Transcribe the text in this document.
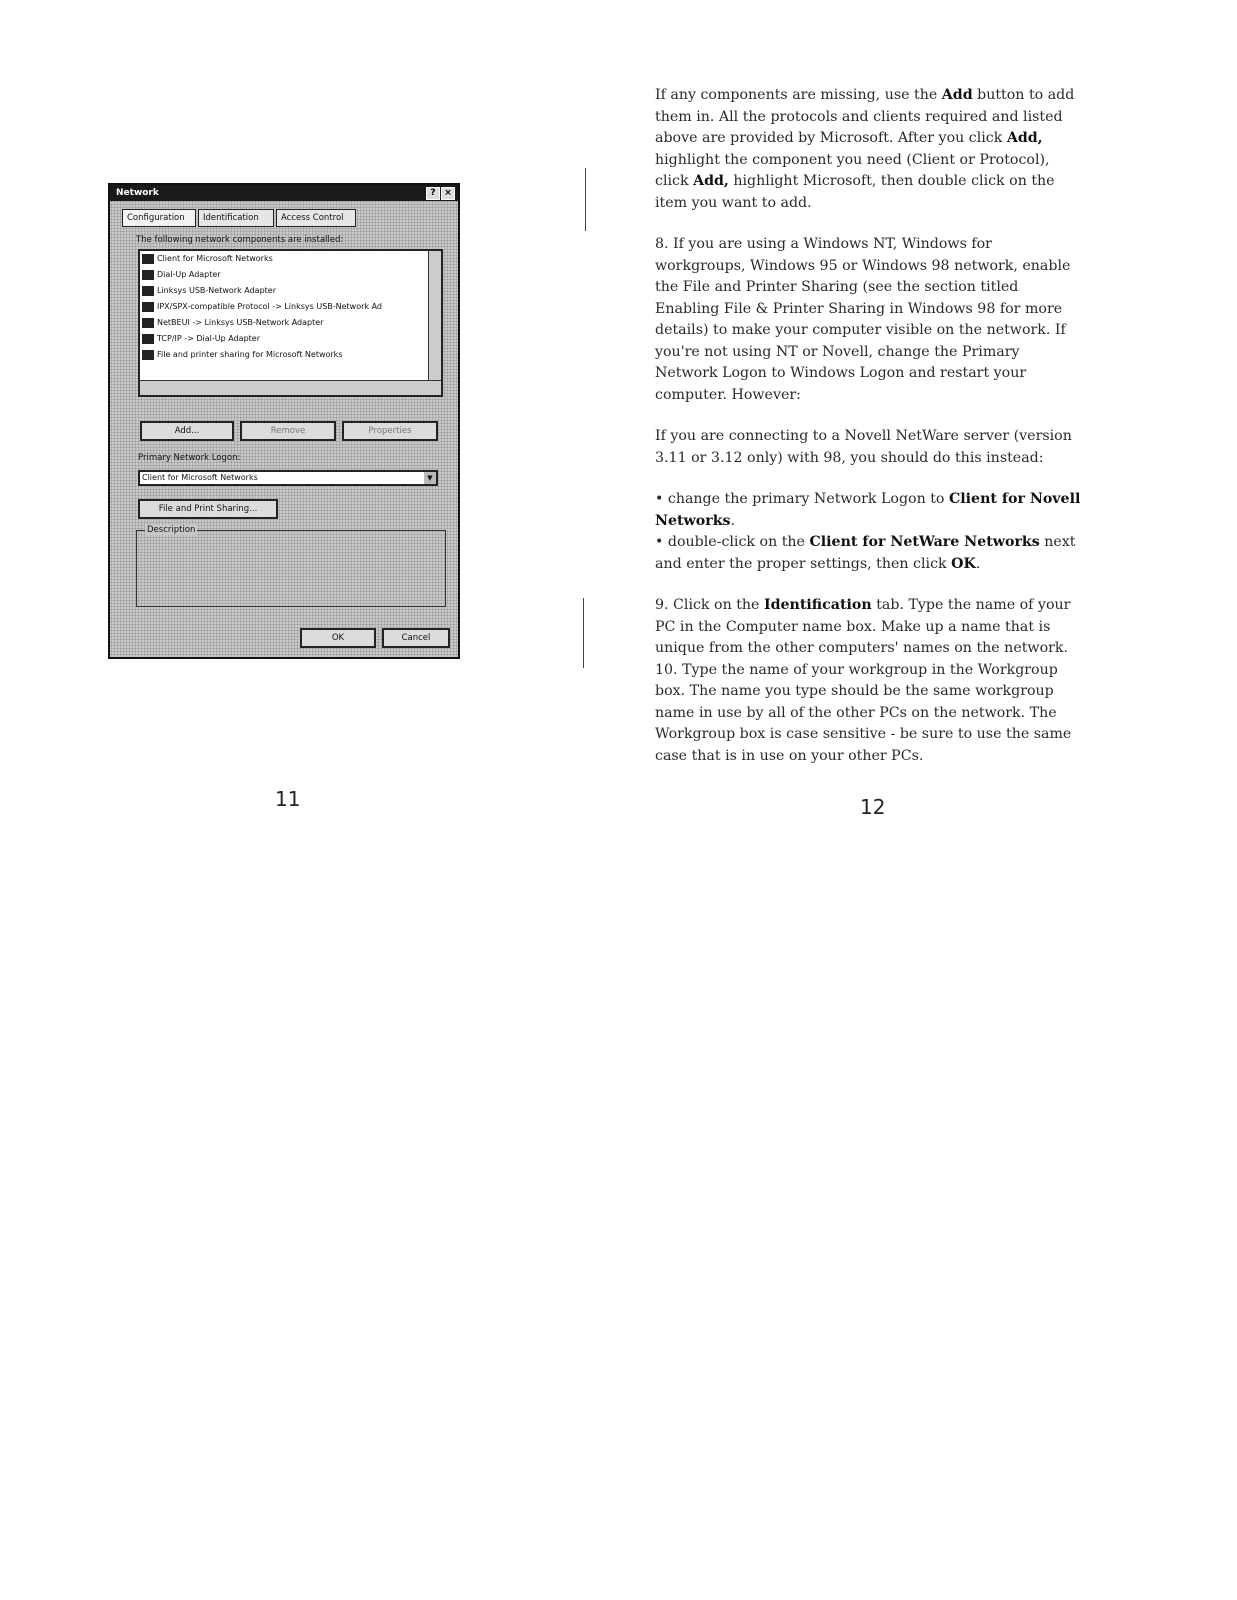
Network	? ×
Configuration	Identification	Access Control
The following network components are installed:
Client for Microsoft Networks
Dial-Up Adapter
Linksys USB-Network Adapter
IPX/SPX-compatible Protocol -> Linksys USB-Network Ad
NetBEUI -> Linksys USB-Network Adapter
TCP/IP -> Dial-Up Adapter
File and printer sharing for Microsoft Networks
Add...	Remove	Properties
Primary Network Logon:
Client for Microsoft Networks	▼
File and Print Sharing...
Description
OK	Cancel

If any components are missing, use the Add button to add them in. All the protocols and clients required and listed above are provided by Microsoft. After you click Add, highlight the component you need (Client or Protocol), click Add, highlight Microsoft, then double click on the item you want to add.

8. If you are using a Windows NT, Windows for workgroups, Windows 95 or Windows 98 network, enable the File and Printer Sharing (see the section titled Enabling File & Printer Sharing in Windows 98 for more details) to make your computer visible on the network. If you're not using NT or Novell, change the Primary Network Logon to Windows Logon and restart your computer. However:

If you are connecting to a Novell NetWare server (version 3.11 or 3.12 only) with 98, you should do this instead:

• change the primary Network Logon to Client for Novell Networks.

• double-click on the Client for NetWare Networks next and enter the proper settings, then click OK.

9. Click on the Identification tab. Type the name of your PC in the Computer name box. Make up a name that is unique from the other computers' names on the network.

10. Type the name of your workgroup in the Workgroup box. The name you type should be the same workgroup name in use by all of the other PCs on the network. The Workgroup box is case sensitive - be sure to use the same case that is in use on your other PCs.

11	12
